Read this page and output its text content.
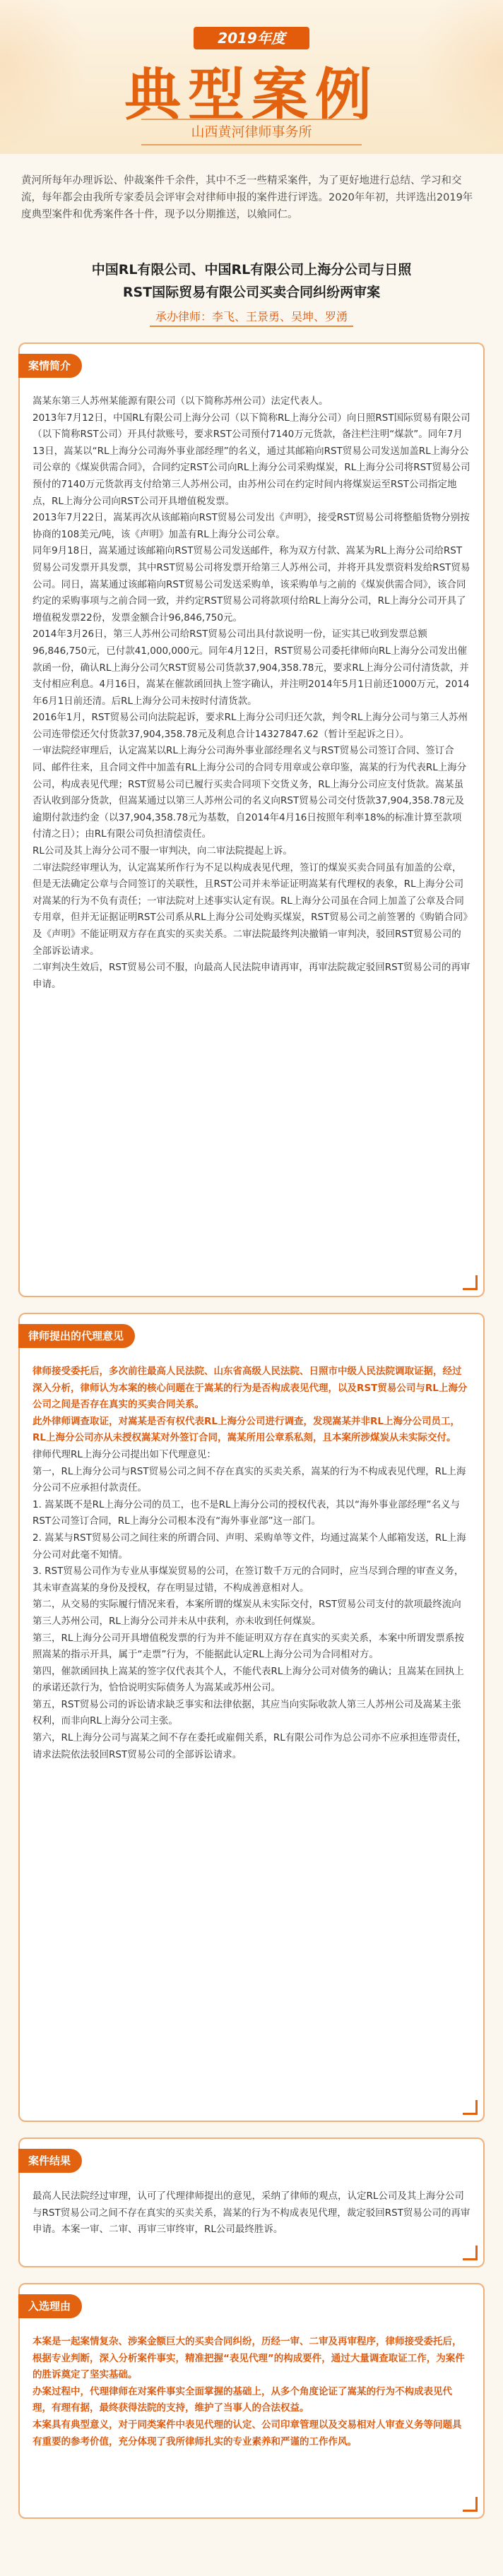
2019年度
典型案例
山西黄河律师事务所
黄河所每年办理诉讼、仲裁案件千余件，其中不乏一些精采案件，为了更好地进行总结、学习和交流，每年都会由我所专家委员会评审会对律师申报的案件进行评选。2020年年初，共评选出2019年度典型案件和优秀案件各十件，现予以分期推送，以飨同仁。
中国RL有限公司、中国RL有限公司上海分公司与日照
RST国际贸易有限公司买卖合同纠纷两审案
承办律师：李飞、王景勇、吴坤、罗湧
案情简介

嵩某东第三人苏州某能源有限公司（以下简称苏州公司）法定代表人。

2013年7月12日，中国RL有限公司上海分公司（以下简称RL上海分公司）向日照RST国际贸易有限公司（以下简称RST公司）开具付款账号，要求RST公司预付7140万元货款，备注栏注明“煤款”。同年7月13日，嵩某以“RL上海分公司海外事业部经理”的名义，通过其邮箱向RST贸易公司发送加盖RL上海分公司公章的《煤炭供需合同》，合同约定RST公司向RL上海分公司采购煤炭，RL上海分公司将RST贸易公司预付的7140万元货款再支付给第三人苏州公司，由苏州公司在约定时间内将煤炭运至RST公司指定地点，RL上海分公司向RST公司开具增值税发票。

2013年7月22日，嵩某再次从该邮箱向RST贸易公司发出《声明》，接受RST贸易公司将整船货物分别按协商的108美元/吨，该《声明》加盖有RL上海分公司公章。

同年9月18日，嵩某通过该邮箱向RST贸易公司发送邮件，称为双方付款、嵩某为RL上海分公司给RST贸易公司发票开具发票，其中RST贸易公司将发票开给第三人苏州公司，并将开具发票资料发给RST贸易公司。同日，嵩某通过该邮箱向RST贸易公司发送采购单，该采购单与之前的《煤炭供需合同》，该合同约定的采购事项与之前合同一致，并约定RST贸易公司将款项付给RL上海分公司，RL上海分公司开具了增值税发票22份，发票金额合计96,846,750元。

2014年3月26日，第三人苏州公司给RST贸易公司出具付款说明一份，证实其已收到发票总额96,846,750元，已付款41,000,000元。同年4月12日，RST贸易公司委托律师向RL上海分公司发出催款函一份，确认RL上海分公司欠RST贸易公司货款37,904,358.78元，要求RL上海分公司付清货款，并支付相应利息。4月16日，嵩某在催款函回执上签字确认，并注明2014年5月1日前还1000万元，2014年6月1日前还清。后RL上海分公司未按时付清货款。

2016年1月，RST贸易公司向法院起诉，要求RL上海分公司归还欠款，判令RL上海分公司与第三人苏州公司连带偿还欠付货款37,904,358.78元及利息合计14327847.62（暂计至起诉之日）。

一审法院经审理后，认定嵩某以RL上海分公司海外事业部经理名义与RST贸易公司签订合同、签订合同、邮件往来，且合同文件中加盖有RL上海分公司的合同专用章或公章印鉴，嵩某的行为代表RL上海分公司，构成表见代理；RST贸易公司已履行买卖合同项下交货义务，RL上海分公司应支付货款。嵩某虽否认收到部分货款，但嵩某通过以第三人苏州公司的名义向RST贸易公司交付货款37,904,358.78元及逾期付款违约金（以37,904,358.78元为基数，自2014年4月16日按照年利率18%的标准计算至款项付清之日）；由RL有限公司负担清偿责任。

RL公司及其上海分公司不服一审判决，向二审法院提起上诉。

二审法院经审理认为，认定嵩某所作行为不足以构成表见代理，签订的煤炭买卖合同虽有加盖的公章，但是无法确定公章与合同签订的关联性，且RST公司并未举证证明嵩某有代理权的表象，RL上海分公司对嵩某的行为不负有责任；一审法院对上述事实认定有误。RL上海分公司虽在合同上加盖了公章及合同专用章，但并无证据证明RST公司系从RL上海分公司处购买煤炭，RST贸易公司之前签署的《购销合同》及《声明》不能证明双方存在真实的买卖关系。二审法院最终判决撤销一审判决，驳回RST贸易公司的全部诉讼请求。

二审判决生效后，RST贸易公司不服，向最高人民法院申请再审，再审法院裁定驳回RST贸易公司的再审申请。

律师提出的代理意见

律师接受委托后，多次前往最高人民法院、山东省高级人民法院、日照市中级人民法院调取证据，经过深入分析，律师认为本案的核心问题在于嵩某的行为是否构成表见代理，以及RST贸易公司与RL上海分公司之间是否存在真实的买卖合同关系。

此外律师调查取证，对嵩某是否有权代表RL上海分公司进行调查，发现嵩某并非RL上海分公司员工，RL上海分公司亦从未授权嵩某对外签订合同，嵩某所用公章系私刻，且本案所涉煤炭从未实际交付。

律师代理RL上海分公司提出如下代理意见：

第一，RL上海分公司与RST贸易公司之间不存在真实的买卖关系，嵩某的行为不构成表见代理，RL上海分公司不应承担付款责任。

1. 嵩某既不是RL上海分公司的员工，也不是RL上海分公司的授权代表，其以“海外事业部经理”名义与RST公司签订合同，RL上海分公司根本没有“海外事业部”这一部门。

2. 嵩某与RST贸易公司之间往来的所谓合同、声明、采购单等文件，均通过嵩某个人邮箱发送，RL上海分公司对此毫不知情。

3. RST贸易公司作为专业从事煤炭贸易的公司，在签订数千万元的合同时，应当尽到合理的审查义务，其未审查嵩某的身份及授权，存在明显过错，不构成善意相对人。

第二，从交易的实际履行情况来看，本案所谓的煤炭从未实际交付，RST贸易公司支付的款项最终流向第三人苏州公司，RL上海分公司并未从中获利，亦未收到任何煤炭。

第三，RL上海分公司开具增值税发票的行为并不能证明双方存在真实的买卖关系，本案中所谓发票系按照嵩某的指示开具，属于“走票”行为，不能据此认定RL上海分公司为合同相对方。

第四，催款函回执上嵩某的签字仅代表其个人，不能代表RL上海分公司对债务的确认；且嵩某在回执上的承诺还款行为，恰恰说明实际债务人为嵩某或苏州公司。

第五，RST贸易公司的诉讼请求缺乏事实和法律依据，其应当向实际收款人第三人苏州公司及嵩某主张权利，而非向RL上海分公司主张。

第六，RL上海分公司与嵩某之间不存在委托或雇佣关系，RL有限公司作为总公司亦不应承担连带责任，请求法院依法驳回RST贸易公司的全部诉讼请求。

案件结果

最高人民法院经过审理，认可了代理律师提出的意见，采纳了律师的观点，认定RL公司及其上海分公司与RST贸易公司之间不存在真实的买卖关系，嵩某的行为不构成表见代理，裁定驳回RST贸易公司的再审申请。本案一审、二审、再审三审终审，RL公司最终胜诉。

入选理由

本案是一起案情复杂、涉案金额巨大的买卖合同纠纷，历经一审、二审及再审程序，律师接受委托后，根据专业判断，深入分析案件事实，精准把握“表见代理”的构成要件，通过大量调查取证工作，为案件的胜诉奠定了坚实基础。

办案过程中，代理律师在对案件事实全面掌握的基础上，从多个角度论证了嵩某的行为不构成表见代理，有理有据，最终获得法院的支持，维护了当事人的合法权益。

本案具有典型意义，对于同类案件中表见代理的认定、公司印章管理以及交易相对人审查义务等问题具有重要的参考价值，充分体现了我所律师扎实的专业素养和严谨的工作作风。
